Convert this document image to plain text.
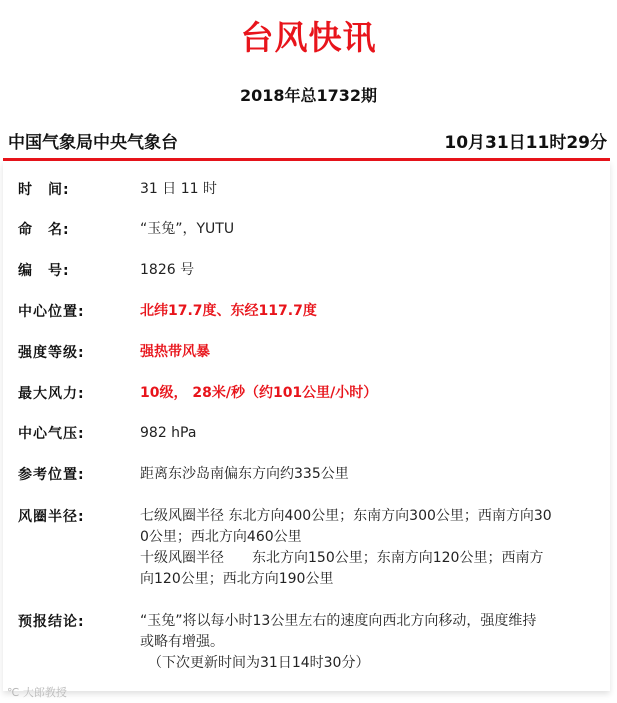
台风快讯
2018年总1732期
中国气象局中央气象台	10月31日11时29分
时　间:	31 日 11 时
命　名:	“玉兔”，YUTU
编　号:	1826 号
中心位置:	北纬17.7度、东经117.7度
强度等级:	强热带风暴
最大风力:	10级， 28米/秒（约101公里/小时）
中心气压:	982 hPa
参考位置:	距离东沙岛南偏东方向约335公里
风圈半径:	七级风圈半径 东北方向400公里；东南方向300公里；西南方向30
0公里；西北方向460公里
十级风圈半径　　东北方向150公里；东南方向120公里；西南方
向120公里；西北方向190公里
预报结论:	“玉兔”将以每小时13公里左右的速度向西北方向移动，强度维持
或略有增强。
（下次更新时间为31日14时30分）
℃ 大郎教授
